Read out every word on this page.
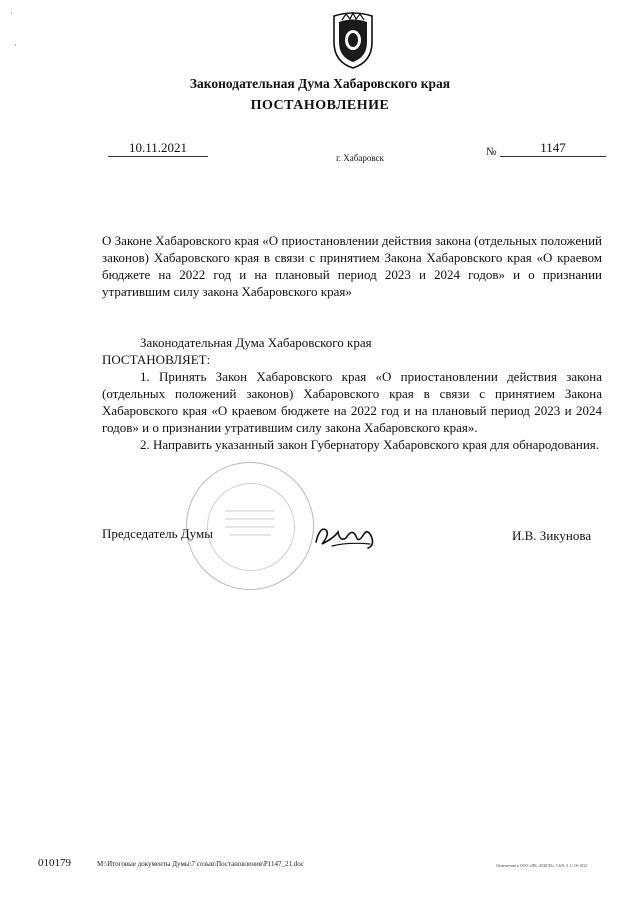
·
·
Законодательная Дума Хабаровского края
ПОСТАНОВЛЕНИЕ
10.11.2021
г. Хабаровск	№	1147
О Законе Хабаровского края «О приостановлении действия закона (отдельных положений законов) Хабаровского края в связи с принятием Закона Хабаровского края «О краевом бюджете на 2022 год и на плановый период 2023 и 2024 годов» и о признании утратившим силу закона Хабаровского края»

Законодательная Дума Хабаровского края

ПОСТАНОВЛЯЕТ:

1. Принять Закон Хабаровского края «О приостановлении действия закона (отдельных положений законов) Хабаровского края в связи с принятием Закона Хабаровского края «О краевом бюджете на 2022 год и на плановый период 2023 и 2024 годов» и о признании утратившим силу закона Хабаровского края».

2. Направить указанный закон Губернатору Хабаровского края для обнародования.

Председатель Думы	И.В. Зикунова
010179	М:\Итоговые документы Думы\7 созыв\Постановления\P1147_21.doc	Отпечатано в ООО «ПК «ЕЦЕЛЬ» Т.6/8, З. С-10-1032
